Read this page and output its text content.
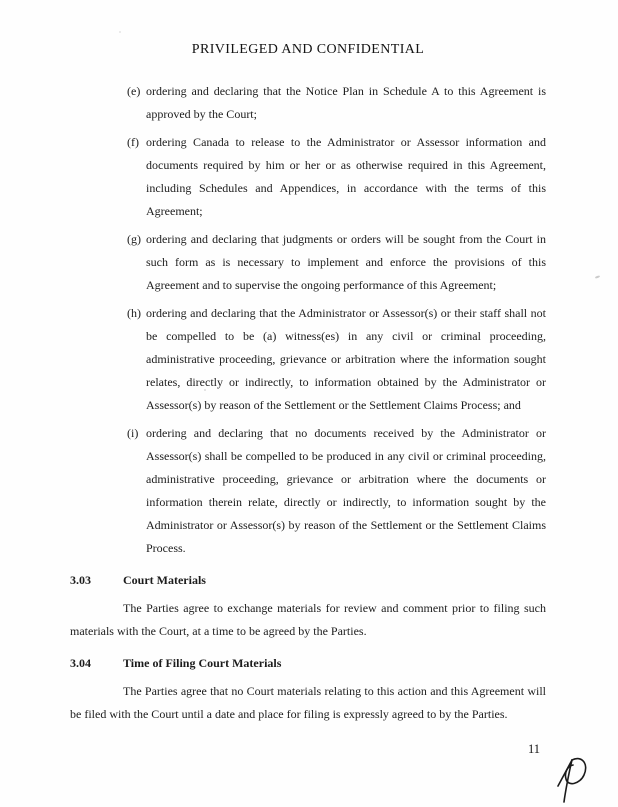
PRIVILEGED AND CONFIDENTIAL
(e) ordering and declaring that the Notice Plan in Schedule A to this Agreement is approved by the Court;
(f) ordering Canada to release to the Administrator or Assessor information and documents required by him or her or as otherwise required in this Agreement, including Schedules and Appendices, in accordance with the terms of this Agreement;
(g) ordering and declaring that judgments or orders will be sought from the Court in such form as is necessary to implement and enforce the provisions of this Agreement and to supervise the ongoing performance of this Agreement;
(h) ordering and declaring that the Administrator or Assessor(s) or their staff shall not be compelled to be (a) witness(es) in any civil or criminal proceeding, administrative proceeding, grievance or arbitration where the information sought relates, directly or indirectly, to information obtained by the Administrator or Assessor(s) by reason of the Settlement or the Settlement Claims Process; and
(i) ordering and declaring that no documents received by the Administrator or Assessor(s) shall be compelled to be produced in any civil or criminal proceeding, administrative proceeding, grievance or arbitration where the documents or information therein relate, directly or indirectly, to information sought by the Administrator or Assessor(s) by reason of the Settlement or the Settlement Claims Process.
3.03	Court Materials

The Parties agree to exchange materials for review and comment prior to filing such materials with the Court, at a time to be agreed by the Parties.

3.04	Time of Filing Court Materials

The Parties agree that no Court materials relating to this action and this Agreement will be filed with the Court until a date and place for filing is expressly agreed to by the Parties.

11
